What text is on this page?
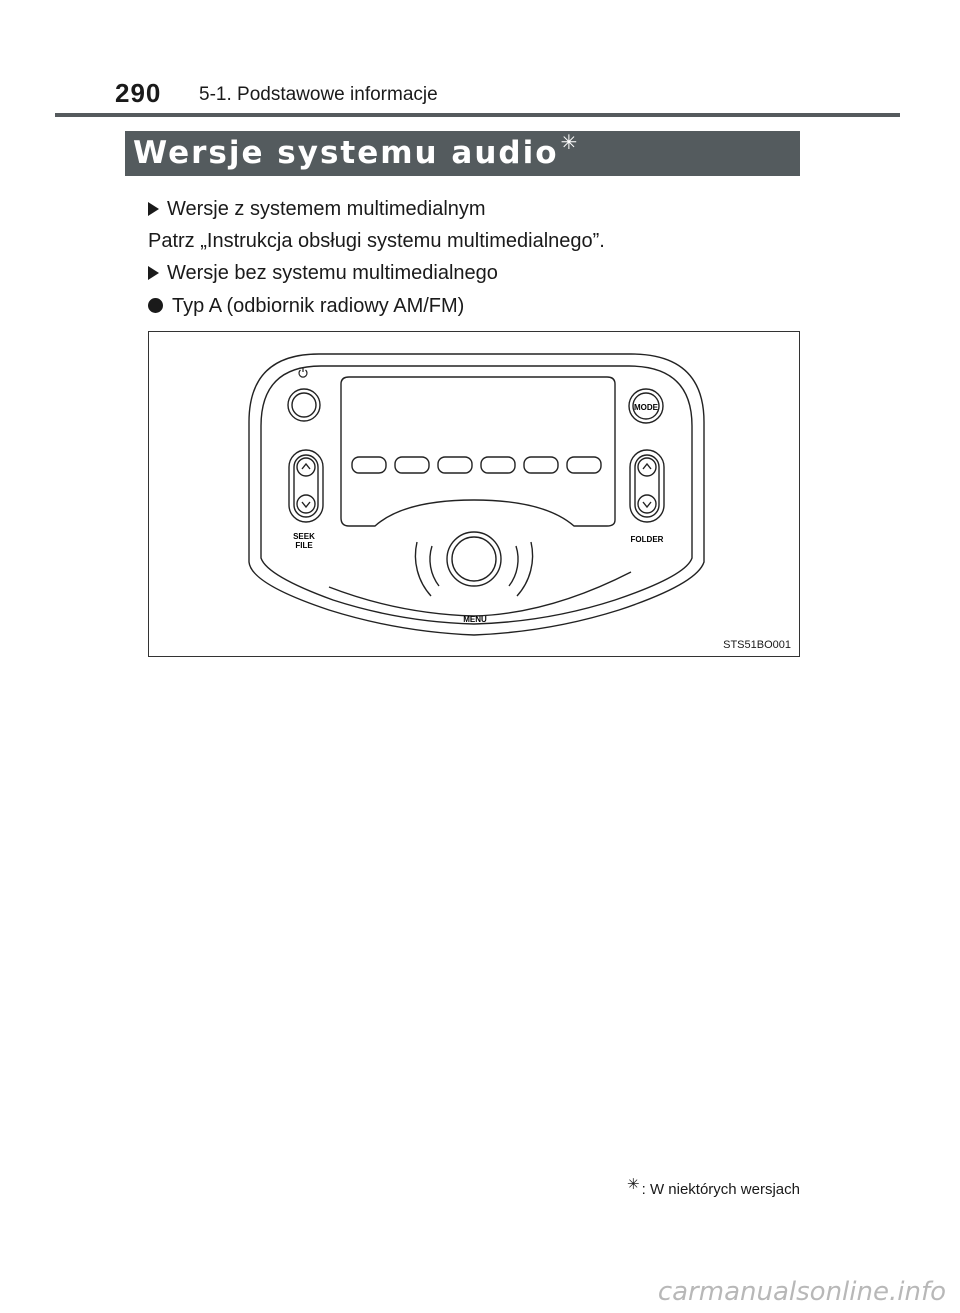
290 5-1. Podstawowe informacje
Wersje systemu audio ✳
Wersje z systemem multimedialnym
Patrz „Instrukcja obsługi systemu multimedialnego”.
Wersje bez systemu multimedialnego
Typ A (odbiornik radiowy AM/FM)
MODE
SEEK
FILE
FOLDER
MENU
STS51BO001
✳ : W niektórych wersjach
carmanualsonline.info
